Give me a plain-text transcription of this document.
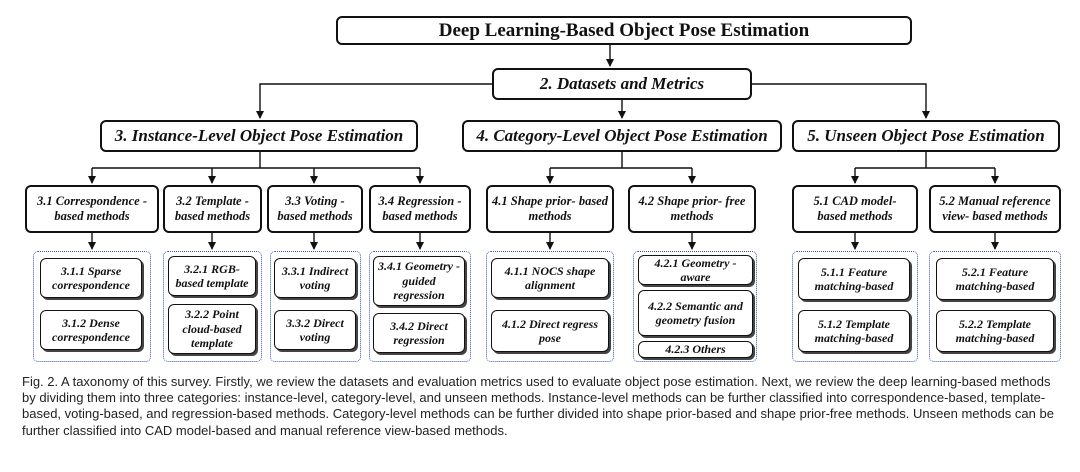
Deep Learning-Based Object Pose Estimation
2. Datasets and Metrics
3. Instance-Level Object Pose Estimation	4. Category-Level Object Pose Estimation	5. Unseen Object Pose Estimation
3.1 Correspondence - based methods
3.2 Template - based methods
3.3 Voting - based methods
3.4 Regression - based methods
4.1 Shape prior- based methods
4.2 Shape prior- free methods
5.1 CAD model- based methods
5.2 Manual reference view- based methods
3.1.1 Sparse correspondence
3.1.2 Dense correspondence
3.2.1 RGB- based template
3.2.2 Point cloud-based template
3.3.1 Indirect voting
3.3.2 Direct voting
3.4.1 Geometry - guided regression
3.4.2 Direct regression
4.1.1 NOCS shape alignment
4.1.2 Direct regress pose
4.2.1 Geometry - aware
4.2.2 Semantic and geometry fusion
4.2.3 Others
5.1.1 Feature matching-based
5.1.2 Template matching-based
5.2.1 Feature matching-based
5.2.2 Template matching-based

Fig. 2. A taxonomy of this survey. Firstly, we review the datasets and evaluation metrics used to evaluate object pose estimation. Next, we review the deep learning-based methods by dividing them into three categories: instance-level, category-level, and unseen methods. Instance-level methods can be further classified into correspondence-based, template-based, voting-based, and regression-based methods. Category-level methods can be further divided into shape prior-based and shape prior-free methods. Unseen methods can be further classified into CAD model-based and manual reference view-based methods.
